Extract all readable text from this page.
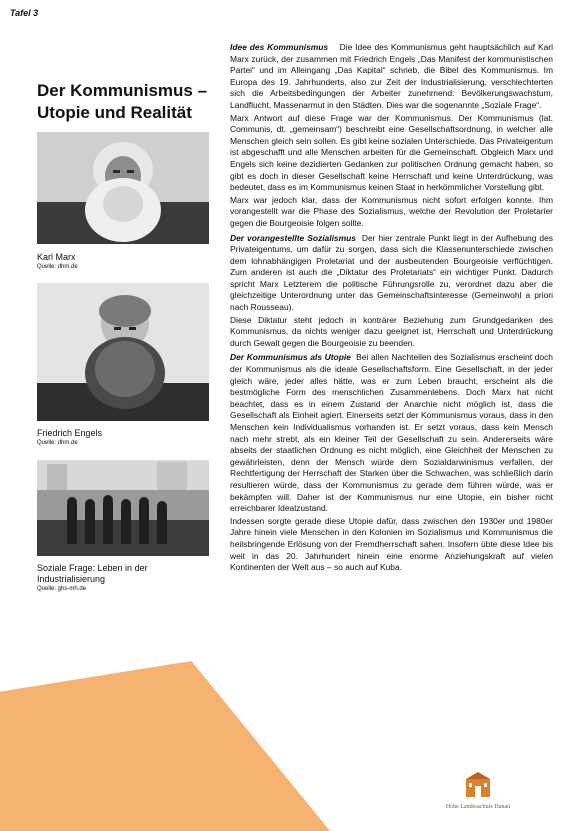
Tafel 3
Der Kommunismus – Utopie und Realität
Karl Marx
Quelle: dhm.de
Friedrich Engels
Quelle: dhm.de
Soziale Frage: Leben in der Industrialisierung
Quelle: ghs-mh.de

Idee des Kommunismus Die Idee des Kommunismus geht hauptsächlich auf Karl Marx zurück, der zusammen mit Friedrich Engels „Das Manifest der kommunistischen Partei“ und im Alleingang „Das Kapital“ schrieb, die Bibel des Kommunismus. Im Europa des 19. Jahrhunderts, also zur Zeit der Industrialisierung, verschlechterten sich die Arbeitsbedingungen der Arbeiter zunehmend: Bevölkerungswachstum, Landflucht, Massenarmut in den Städten. Dies war die sogenannte „Soziale Frage“.

Marx Antwort auf diese Frage war der Kommunismus. Der Kommunismus (lat. Communis, dt. „gemeinsam“) beschreibt eine Gesellschaftsordnung, in welcher alle Menschen gleich sein sollen. Es gibt keine sozialen Unterschiede. Das Privateigentum ist abgeschafft und alle Menschen arbeiten für die Gemeinschaft. Obgleich Marx und Engels sich keine dezidierten Gedanken zur politischen Ordnung gemacht haben, so gibt es doch in dieser Gesellschaft keine Herrschaft und keine Unterdrückung, was bedeutet, dass es im Kommunismus keinen Staat in herkömmlicher Vorstellung gibt.

Marx war jedoch klar, dass der Kommunismus nicht sofort erfolgen konnte. Ihm vorangestellt war die Phase des Sozialismus, welche der Revolution der Proletarier gegen die Bourgeoisie folgen sollte.

Der vorangestellte Sozialismus Der hier zentrale Punkt liegt in der Aufhebung des Privateigentums, um dafür zu sorgen, dass sich die Klassenunterschiede zwischen dem lohnabhängigen Proletariat und der ausbeutenden Bourgeoisie verflüchtigen. Zum anderen ist auch die „Diktatur des Proletariats“ ein wichtiger Punkt. Dadurch spricht Marx Letzterem die politische Führungsrolle zu, verordnet dazu aber die gleichzeitige Unterordnung unter das Gemeinschaftsinteresse (Gemeinwohl a priori nach Rousseau).

Diese Diktatur steht jedoch in konträrer Beziehung zum Grundgedanken des Kommunismus, da nichts weniger dazu geeignet ist, Herrschaft und Unterdrückung durch Gewalt gegen die Bourgeoisie zu beenden.

Der Kommunismus als Utopie Bei allen Nachteilen des Sozialismus erscheint doch der Kommunismus als die ideale Gesellschaftsform. Eine Gesellschaft, in der jeder gleich wäre, jeder alles hätte, was er zum Leben braucht, erscheint als die bestmögliche Form des menschlichen Zusammenlebens. Doch Marx hat nicht beachtet, dass es in einem Zustand der Anarchie nicht möglich ist, dass die Gesellschaft als Einheit agiert. Einerseits setzt der Kommunismus voraus, dass in den Menschen kein Individualismus vorhanden ist. Er setzt voraus, dass kein Mensch nach mehr strebt, als ein kleiner Teil der Gesellschaft zu sein. Andererseits wäre abseits der staatlichen Ordnung es nicht möglich, eine Gleichheit der Menschen zu gewährleisten, denn der Mensch würde dem Sozialdarwinismus verfallen, der Rechtfertigung der Herrschaft der Starken über die Schwachen, was schließlich darin resultieren würde, dass der Kommunismus zu gerade dem führen würde, was er bekämpfen will. Daher ist der Kommunismus nur eine Utopie, ein bisher nicht erreichbarer Idealzustand.

Indessen sorgte gerade diese Utopie dafür, dass zwischen den 1930er und 1980er Jahre hinein viele Menschen in den Kolonien im Sozialismus und Kommunismus die heilsbringende Erlösung von der Fremdherrschaft sahen. Insofern übte diese Idee bis weit in das 20. Jahrhundert hinein eine enorme Anziehungskraft auf vielen Kontinenten der Welt aus – so auch auf Kuba.

Hohe Landesschule Hanau
